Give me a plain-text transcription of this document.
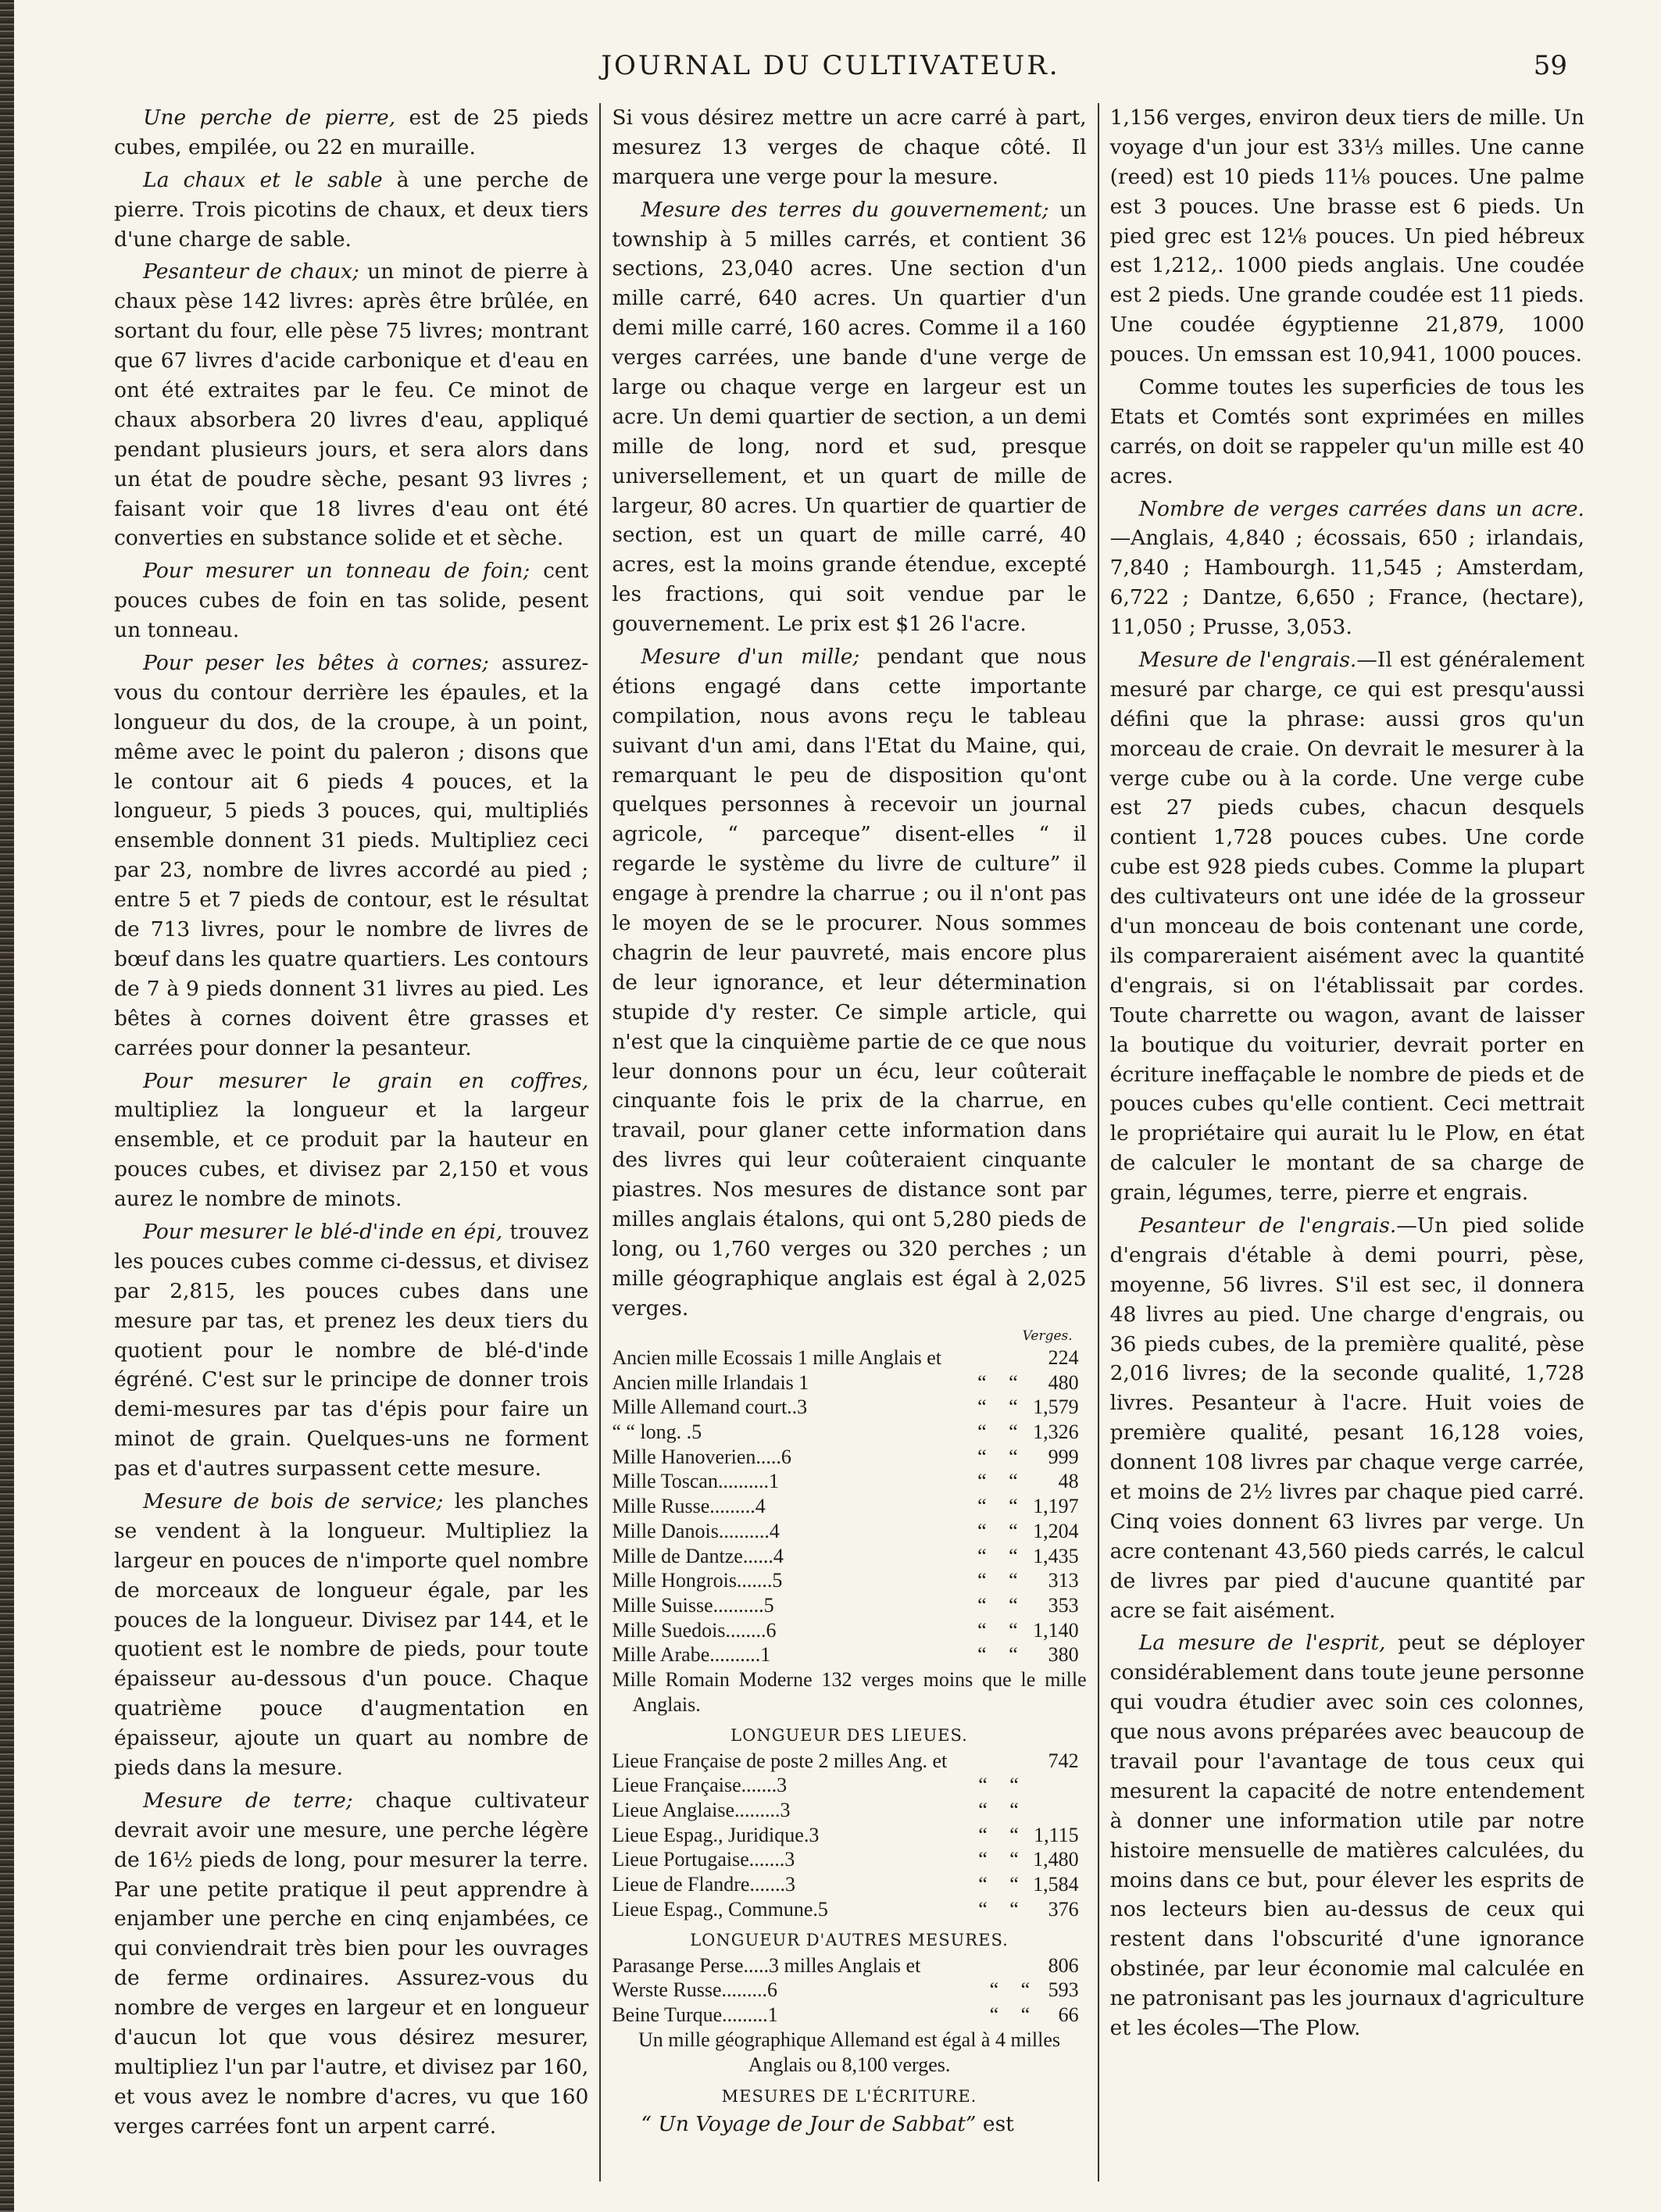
JOURNAL DU CULTIVATEUR.	59

Une perche de pierre, est de 25 pieds cubes, empilée, ou 22 en muraille.

La chaux et le sable à une perche de pierre. Trois picotins de chaux, et deux tiers d'une charge de sable.

Pesanteur de chaux; un minot de pierre à chaux pèse 142 livres: après être brûlée, en sortant du four, elle pèse 75 livres; montrant que 67 livres d'acide carbonique et d'eau en ont été extraites par le feu. Ce minot de chaux absorbera 20 livres d'eau, appliqué pendant plusieurs jours, et sera alors dans un état de poudre sèche, pesant 93 livres ; faisant voir que 18 livres d'eau ont été converties en substance solide et et sèche.

Pour mesurer un tonneau de foin; cent pouces cubes de foin en tas solide, pesent un tonneau.

Pour peser les bêtes à cornes; assurez-vous du contour derrière les épaules, et la longueur du dos, de la croupe, à un point, même avec le point du paleron ; disons que le contour ait 6 pieds 4 pouces, et la longueur, 5 pieds 3 pouces, qui, multipliés ensemble donnent 31 pieds. Multipliez ceci par 23, nombre de livres accordé au pied ; entre 5 et 7 pieds de contour, est le résultat de 713 livres, pour le nombre de livres de bœuf dans les quatre quartiers. Les contours de 7 à 9 pieds donnent 31 livres au pied. Les bêtes à cornes doivent être grasses et carrées pour donner la pesanteur.

Pour mesurer le grain en coffres, multipliez la longueur et la largeur ensemble, et ce produit par la hauteur en pouces cubes, et divisez par 2,150 et vous aurez le nombre de minots.

Pour mesurer le blé-d'inde en épi, trouvez les pouces cubes comme ci-dessus, et divisez par 2,815, les pouces cubes dans une mesure par tas, et prenez les deux tiers du quotient pour le nombre de blé-d'inde égréné. C'est sur le principe de donner trois demi-mesures par tas d'épis pour faire un minot de grain. Quelques-uns ne forment pas et d'autres surpassent cette mesure.

Mesure de bois de service; les planches se vendent à la longueur. Multipliez la largeur en pouces de n'importe quel nombre de morceaux de longueur égale, par les pouces de la longueur. Divisez par 144, et le quotient est le nombre de pieds, pour toute épaisseur au-dessous d'un pouce. Chaque quatrième pouce d'augmentation en épaisseur, ajoute un quart au nombre de pieds dans la mesure.

Mesure de terre; chaque cultivateur devrait avoir une mesure, une perche légère de 16½ pieds de long, pour mesurer la terre. Par une petite pratique il peut apprendre à enjamber une perche en cinq enjambées, ce qui conviendrait très bien pour les ouvrages de ferme ordinaires. Assurez-vous du nombre de verges en largeur et en longueur d'aucun lot que vous désirez mesurer, multipliez l'un par l'autre, et divisez par 160, et vous avez le nombre d'acres, vu que 160 verges carrées font un arpent carré.

Si vous désirez mettre un acre carré à part, mesurez 13 verges de chaque côté. Il marquera une verge pour la mesure.

Mesure des terres du gouvernement; un township à 5 milles carrés, et contient 36 sections, 23,040 acres. Une section d'un mille carré, 640 acres. Un quartier d'un demi mille carré, 160 acres. Comme il a 160 verges carrées, une bande d'une verge de large ou chaque verge en largeur est un acre. Un demi quartier de section, a un demi mille de long, nord et sud, presque universellement, et un quart de mille de largeur, 80 acres. Un quartier de quartier de section, est un quart de mille carré, 40 acres, est la moins grande étendue, excepté les fractions, qui soit vendue par le gouvernement. Le prix est $1 26 l'acre.

Mesure d'un mille; pendant que nous étions engagé dans cette importante compilation, nous avons reçu le tableau suivant d'un ami, dans l'Etat du Maine, qui, remarquant le peu de disposition qu'ont quelques personnes à recevoir un journal agricole, “ parceque” disent-elles “ il regarde le système du livre de culture” il engage à prendre la charrue ; ou il n'ont pas le moyen de se le procurer. Nous sommes chagrin de leur pauvreté, mais encore plus de leur ignorance, et leur détermination stupide d'y rester. Ce simple article, qui n'est que la cinquième partie de ce que nous leur donnons pour un écu, leur coûterait cinquante fois le prix de la charrue, en travail, pour glaner cette information dans des livres qui leur coûteraient cinquante piastres. Nos mesures de distance sont par milles anglais étalons, qui ont 5,280 pieds de long, ou 1,760 verges ou 320 perches ; un mille géographique anglais est égal à 2,025 verges.

Verges.
Ancien mille Ecossais 1 mille Anglais et			224
Ancien mille Irlandais 1	“	“	480
Mille Allemand court..3	“	“	1,579
“ “ long. .5	“	“	1,326
Mille Hanoverien.....6	“	“	999
Mille Toscan..........1	“	“	48
Mille Russe.........4	“	“	1,197
Mille Danois..........4	“	“	1,204
Mille de Dantze......4	“	“	1,435
Mille Hongrois.......5	“	“	313
Mille Suisse..........5	“	“	353
Mille Suedois........6	“	“	1,140
Mille Arabe..........1	“	“	380
Mille Romain Moderne 132 verges moins que le mille Anglais.
LONGUEUR DES LIEUES.
Lieue Française de poste 2 milles Ang. et			742
Lieue Française.......3	“	“	
Lieue Anglaise.........3	“	“	
Lieue Espag., Juridique.3	“	“	1,115
Lieue Portugaise.......3	“	“	1,480
Lieue de Flandre.......3	“	“	1,584
Lieue Espag., Commune.5	“	“	376
LONGUEUR D'AUTRES MESURES.
Parasange Perse.....3 milles Anglais et			806
Werste Russe.........6	“	“	593
Beine Turque.........1	“	“	66
Un mille géographique Allemand est égal à 4 milles Anglais ou 8,100 verges.
MESURES DE L'ÉCRITURE.

“ Un Voyage de Jour de Sabbat” est

1,156 verges, environ deux tiers de mille. Un voyage d'un jour est 33⅓ milles. Une canne (reed) est 10 pieds 11⅛ pouces. Une palme est 3 pouces. Une brasse est 6 pieds. Un pied grec est 12⅛ pouces. Un pied hébreux est 1,212,. 1000 pieds anglais. Une coudée est 2 pieds. Une grande coudée est 11 pieds. Une coudée égyptienne 21,879, 1000 pouces. Un emssan est 10,941, 1000 pouces.

Comme toutes les superficies de tous les Etats et Comtés sont exprimées en milles carrés, on doit se rappeler qu'un mille est 40 acres.

Nombre de verges carrées dans un acre.—Anglais, 4,840 ; écossais, 650 ; irlandais, 7,840 ; Hambourgh. 11,545 ; Amsterdam, 6,722 ; Dantze, 6,650 ; France, (hectare), 11,050 ; Prusse, 3,053.

Mesure de l'engrais.—Il est généralement mesuré par charge, ce qui est presqu'aussi défini que la phrase: aussi gros qu'un morceau de craie. On devrait le mesurer à la verge cube ou à la corde. Une verge cube est 27 pieds cubes, chacun desquels contient 1,728 pouces cubes. Une corde cube est 928 pieds cubes. Comme la plupart des cultivateurs ont une idée de la grosseur d'un monceau de bois contenant une corde, ils compareraient aisément avec la quantité d'engrais, si on l'établissait par cordes. Toute charrette ou wagon, avant de laisser la boutique du voiturier, devrait porter en écriture ineffaçable le nombre de pieds et de pouces cubes qu'elle contient. Ceci mettrait le propriétaire qui aurait lu le Plow, en état de calculer le montant de sa charge de grain, légumes, terre, pierre et engrais.

Pesanteur de l'engrais.—Un pied solide d'engrais d'étable à demi pourri, pèse, moyenne, 56 livres. S'il est sec, il donnera 48 livres au pied. Une charge d'engrais, ou 36 pieds cubes, de la première qualité, pèse 2,016 livres; de la seconde qualité, 1,728 livres. Pesanteur à l'acre. Huit voies de première qualité, pesant 16,128 voies, donnent 108 livres par chaque verge carrée, et moins de 2½ livres par chaque pied carré. Cinq voies donnent 63 livres par verge. Un acre contenant 43,560 pieds carrés, le calcul de livres par pied d'aucune quantité par acre se fait aisément.

La mesure de l'esprit, peut se déployer considérablement dans toute jeune personne qui voudra étudier avec soin ces colonnes, que nous avons préparées avec beaucoup de travail pour l'avantage de tous ceux qui mesurent la capacité de notre entendement à donner une information utile par notre histoire mensuelle de matières calculées, du moins dans ce but, pour élever les esprits de nos lecteurs bien au-dessus de ceux qui restent dans l'obscurité d'une ignorance obstinée, par leur économie mal calculée en ne patronisant pas les journaux d'agriculture et les écoles—The Plow.
